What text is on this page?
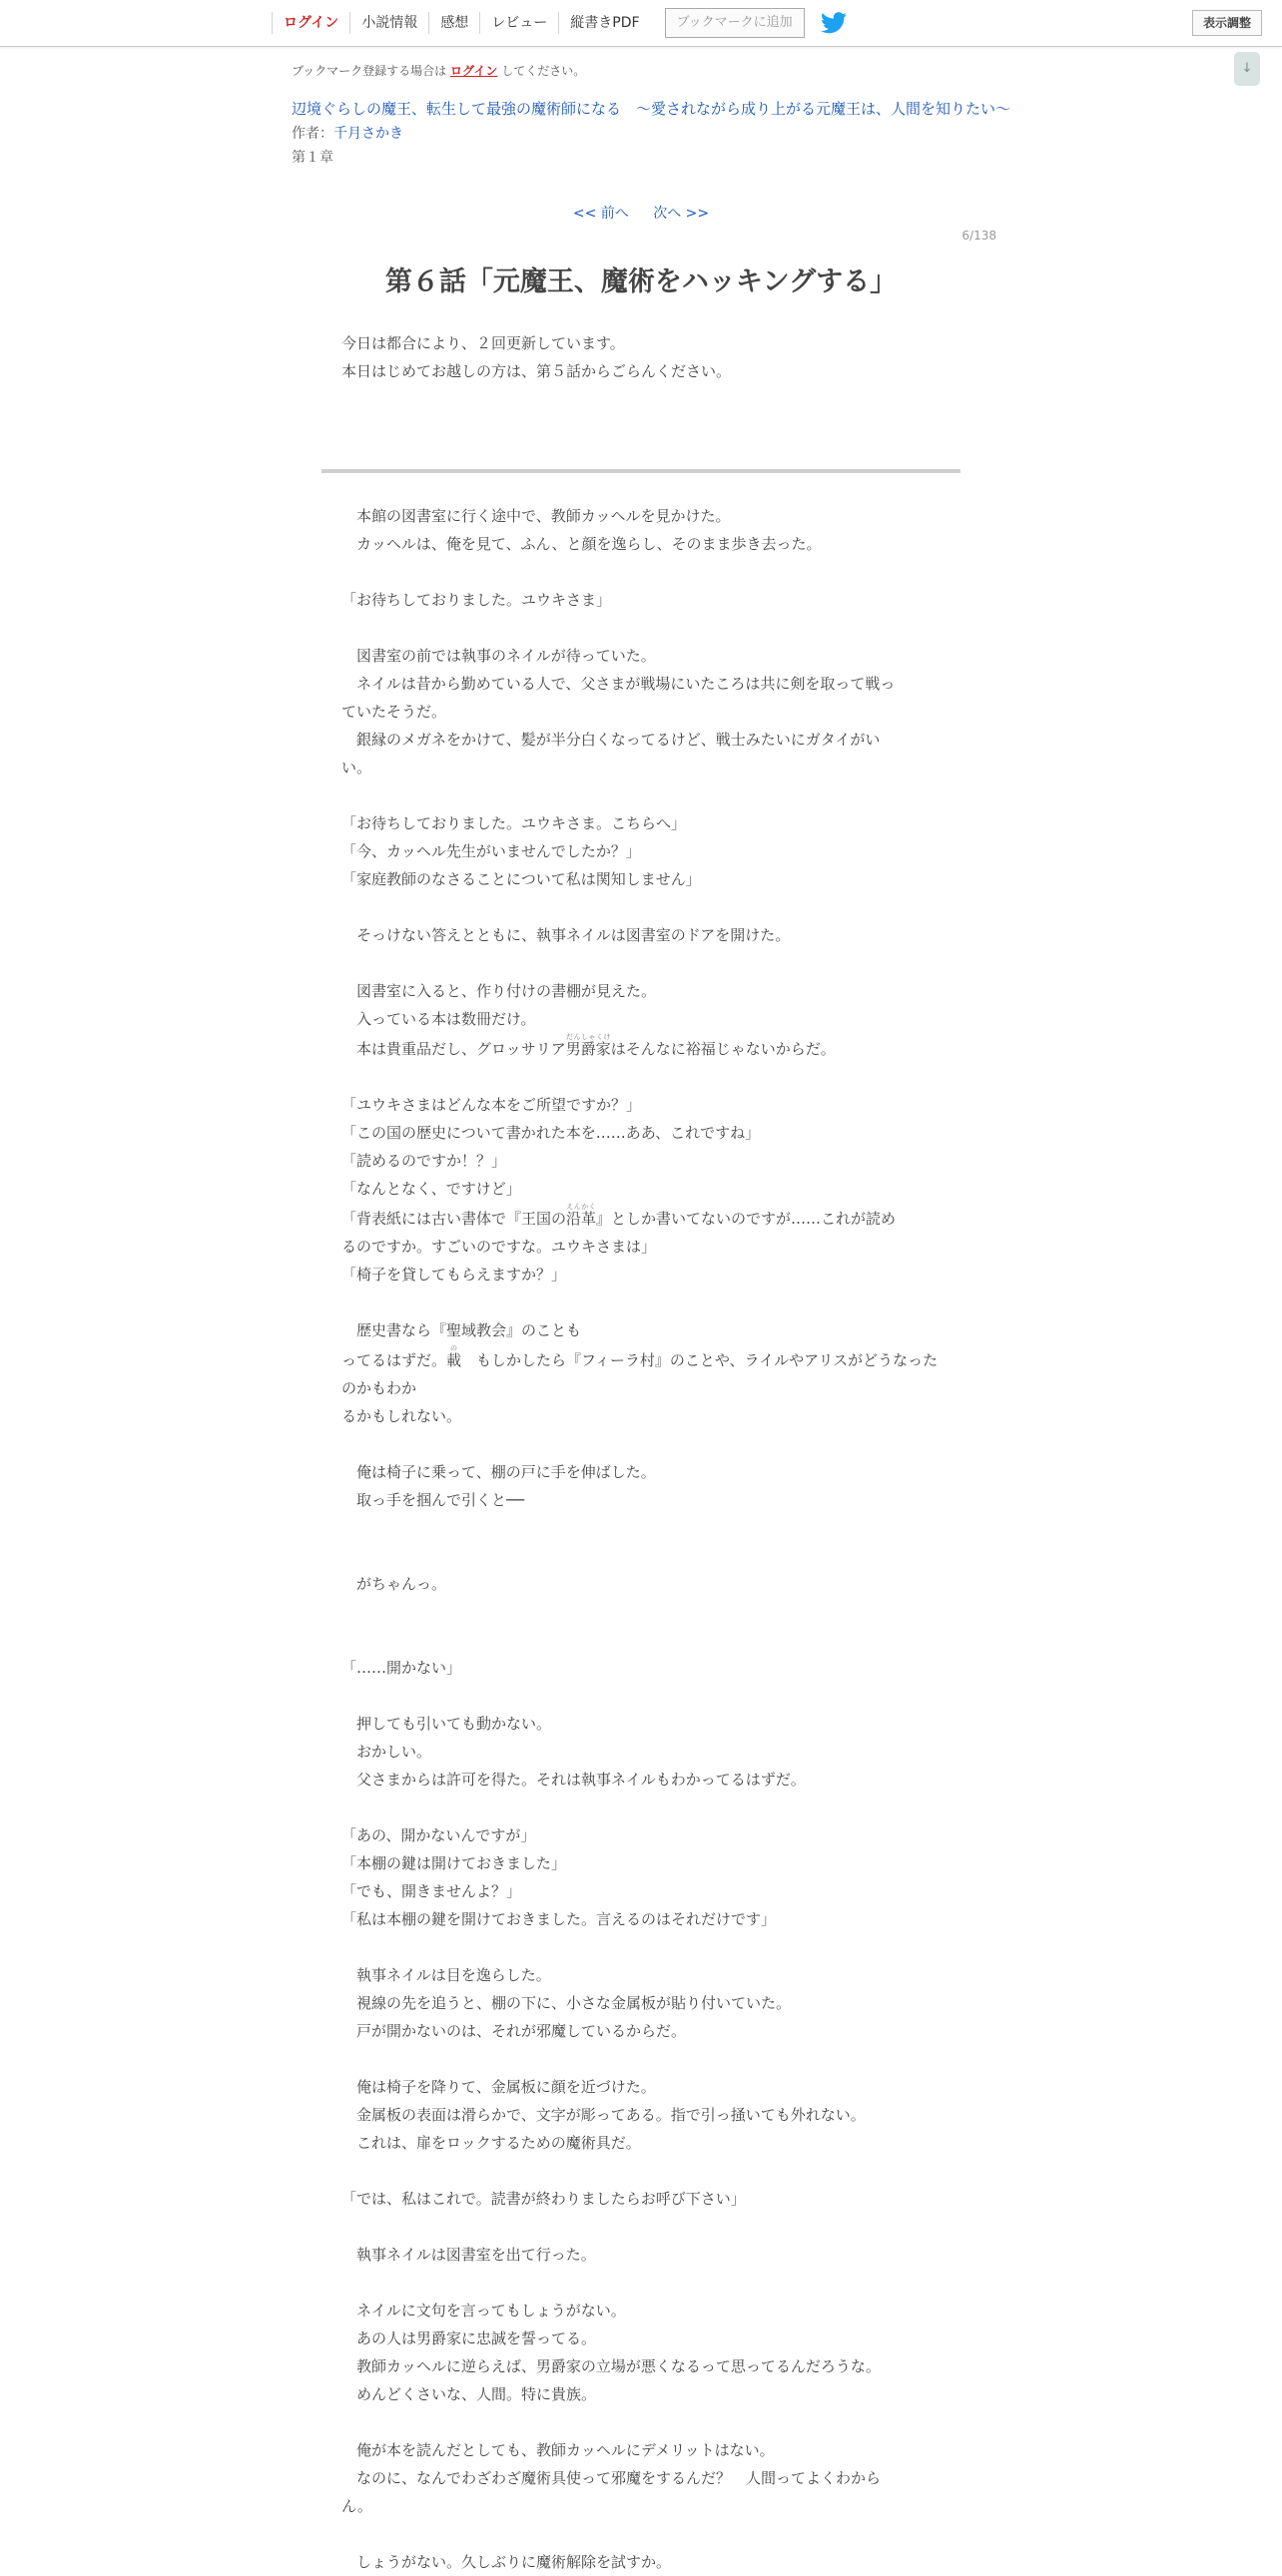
ログイン	小説情報	感想	レビュー	縦書きPDF	ブックマークに追加	表示調整
↓
ブックマーク登録する場合は ログイン してください。
辺境ぐらしの魔王、転生して最強の魔術師になる　〜愛されながら成り上がる元魔王は、人間を知りたい〜
作者：千月さかき
第１章
<< 前へ 次へ >>
6/138
第６話「元魔王、魔術をハッキングする」
今日は都合により、２回更新しています。
本日はじめてお越しの方は、第５話からごらんください。

　本館の図書室に行く途中で、教師カッヘルを見かけた。

　カッヘルは、俺を見て、ふん、と顔を逸らし、そのまま歩き去った。

「お待ちしておりました。ユウキさま」

　図書室の前では執事のネイルが待っていた。

　ネイルは昔から勤めている人で、父さまが戦場にいたころは共に剣を取って戦っ

ていたそうだ。

　銀縁のメガネをかけて、髪が半分白くなってるけど、戦士みたいにガタイがい

い。

「お待ちしておりました。ユウキさま。こちらへ」

「今、カッヘル先生がいませんでしたか？」

「家庭教師のなさることについて私は関知しません」

　そっけない答えとともに、執事ネイルは図書室のドアを開けた。

　図書室に入ると、作り付けの書棚が見えた。

　入っている本は数冊だけ。

　本は貴重品だし、グロッサリア男爵家だんしゃくけはそんなに裕福じゃないからだ。

「ユウキさまはどんな本をご所望ですか？」

「この国の歴史について書かれた本を……ああ、これですね」

「読めるのですか！？」

「なんとなく、ですけど」

「背表紙には古い書体で『王国の沿革えんかく』としか書いてないのですが……これが読め

るのですか。すごいのですな。ユウキさまは」

「椅子を貸してもらえますか？」

　歴史書なら『聖域教会』のことも

ってるはずだ。載の　もしかしたら『フィーラ村』のことや、ライルやアリスがどうなったのかもわか

るかもしれない。

　俺は椅子に乗って、棚の戸に手を伸ばした。

　取っ手を掴んで引くと──

　がちゃんっ。

「……開かない」

　押しても引いても動かない。

　おかしい。

　父さまからは許可を得た。それは執事ネイルもわかってるはずだ。

「あの、開かないんですが」

「本棚の鍵は開けておきました」

「でも、開きませんよ？」

「私は本棚の鍵を開けておきました。言えるのはそれだけです」

　執事ネイルは目を逸らした。

　視線の先を追うと、棚の下に、小さな金属板が貼り付いていた。

　戸が開かないのは、それが邪魔しているからだ。

　俺は椅子を降りて、金属板に顔を近づけた。

　金属板の表面は滑らかで、文字が彫ってある。指で引っ掻いても外れない。

　これは、扉をロックするための魔術具だ。

「では、私はこれで。読書が終わりましたらお呼び下さい」

　執事ネイルは図書室を出て行った。

　ネイルに文句を言ってもしょうがない。

　あの人は男爵家に忠誠を誓ってる。

　教師カッヘルに逆らえば、男爵家の立場が悪くなるって思ってるんだろうな。

　めんどくさいな、人間。特に貴族。

　俺が本を読んだとしても、教師カッヘルにデメリットはない。

　なのに、なんでわざわざ魔術具使って邪魔をするんだ？　人間ってよくわから

ん。

　しょうがない。久しぶりに魔術解除を試すか。
